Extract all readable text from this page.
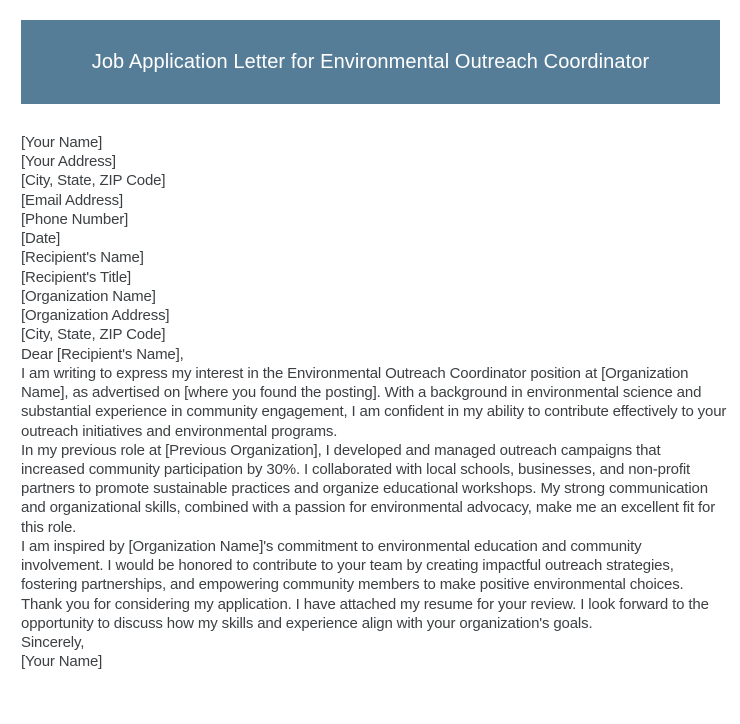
Job Application Letter for Environmental Outreach Coordinator
[Your Name]
[Your Address]
[City, State, ZIP Code]
[Email Address]
[Phone Number]
[Date]
[Recipient's Name]
[Recipient's Title]
[Organization Name]
[Organization Address]
[City, State, ZIP Code]
Dear [Recipient's Name],

I am writing to express my interest in the Environmental Outreach Coordinator position at [Organization Name], as advertised on [where you found the posting]. With a background in environmental science and substantial experience in community engagement, I am confident in my ability to contribute effectively to your outreach initiatives and environmental programs.

In my previous role at [Previous Organization], I developed and managed outreach campaigns that increased community participation by 30%. I collaborated with local schools, businesses, and non-profit partners to promote sustainable practices and organize educational workshops. My strong communication and organizational skills, combined with a passion for environmental advocacy, make me an excellent fit for this role.

I am inspired by [Organization Name]'s commitment to environmental education and community involvement. I would be honored to contribute to your team by creating impactful outreach strategies, fostering partnerships, and empowering community members to make positive environmental choices.

Thank you for considering my application. I have attached my resume for your review. I look forward to the opportunity to discuss how my skills and experience align with your organization's goals.

Sincerely,
[Your Name]
